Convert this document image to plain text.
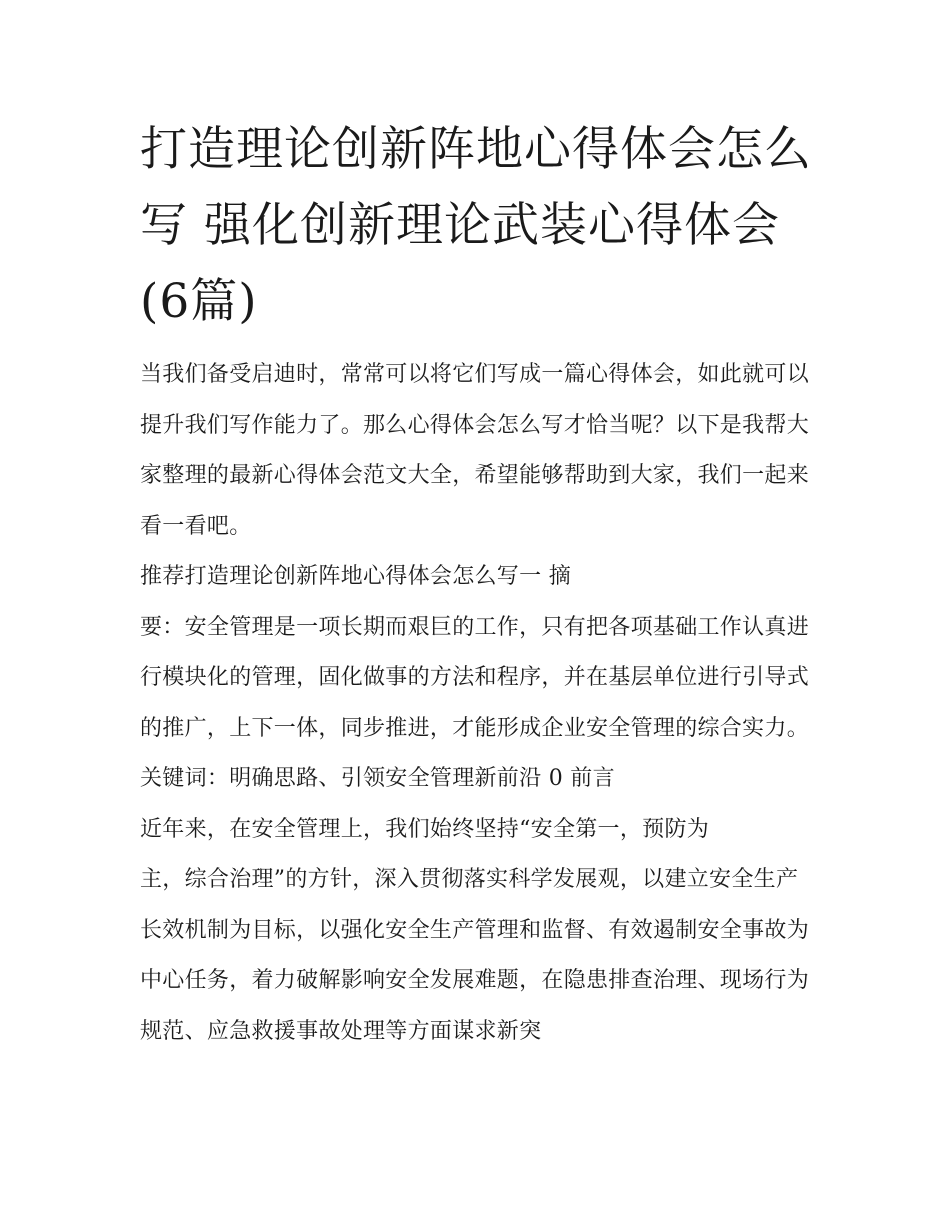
打造理论创新阵地心得体会怎么写 强化创新理论武装心得体会(6篇)

当我们备受启迪时，常常可以将它们写成一篇心得体会，如此就可以提升我们写作能力了。那么心得体会怎么写才恰当呢？以下是我帮大家整理的最新心得体会范文大全，希望能够帮助到大家，我们一起来看一看吧。

推荐打造理论创新阵地心得体会怎么写一 摘

要：安全管理是一项长期而艰巨的工作，只有把各项基础工作认真进行模块化的管理，固化做事的方法和程序，并在基层单位进行引导式的推广，上下一体，同步推进，才能形成企业安全管理的综合实力。

关键词：明确思路、引领安全管理新前沿 0 前言

近年来，在安全管理上，我们始终坚持“安全第一，预防为

主，综合治理”的方针，深入贯彻落实科学发展观，以建立安全生产长效机制为目标，以强化安全生产管理和监督、有效遏制安全事故为中心任务，着力破解影响安全发展难题，在隐患排查治理、现场行为规范、应急救援事故处理等方面谋求新突
